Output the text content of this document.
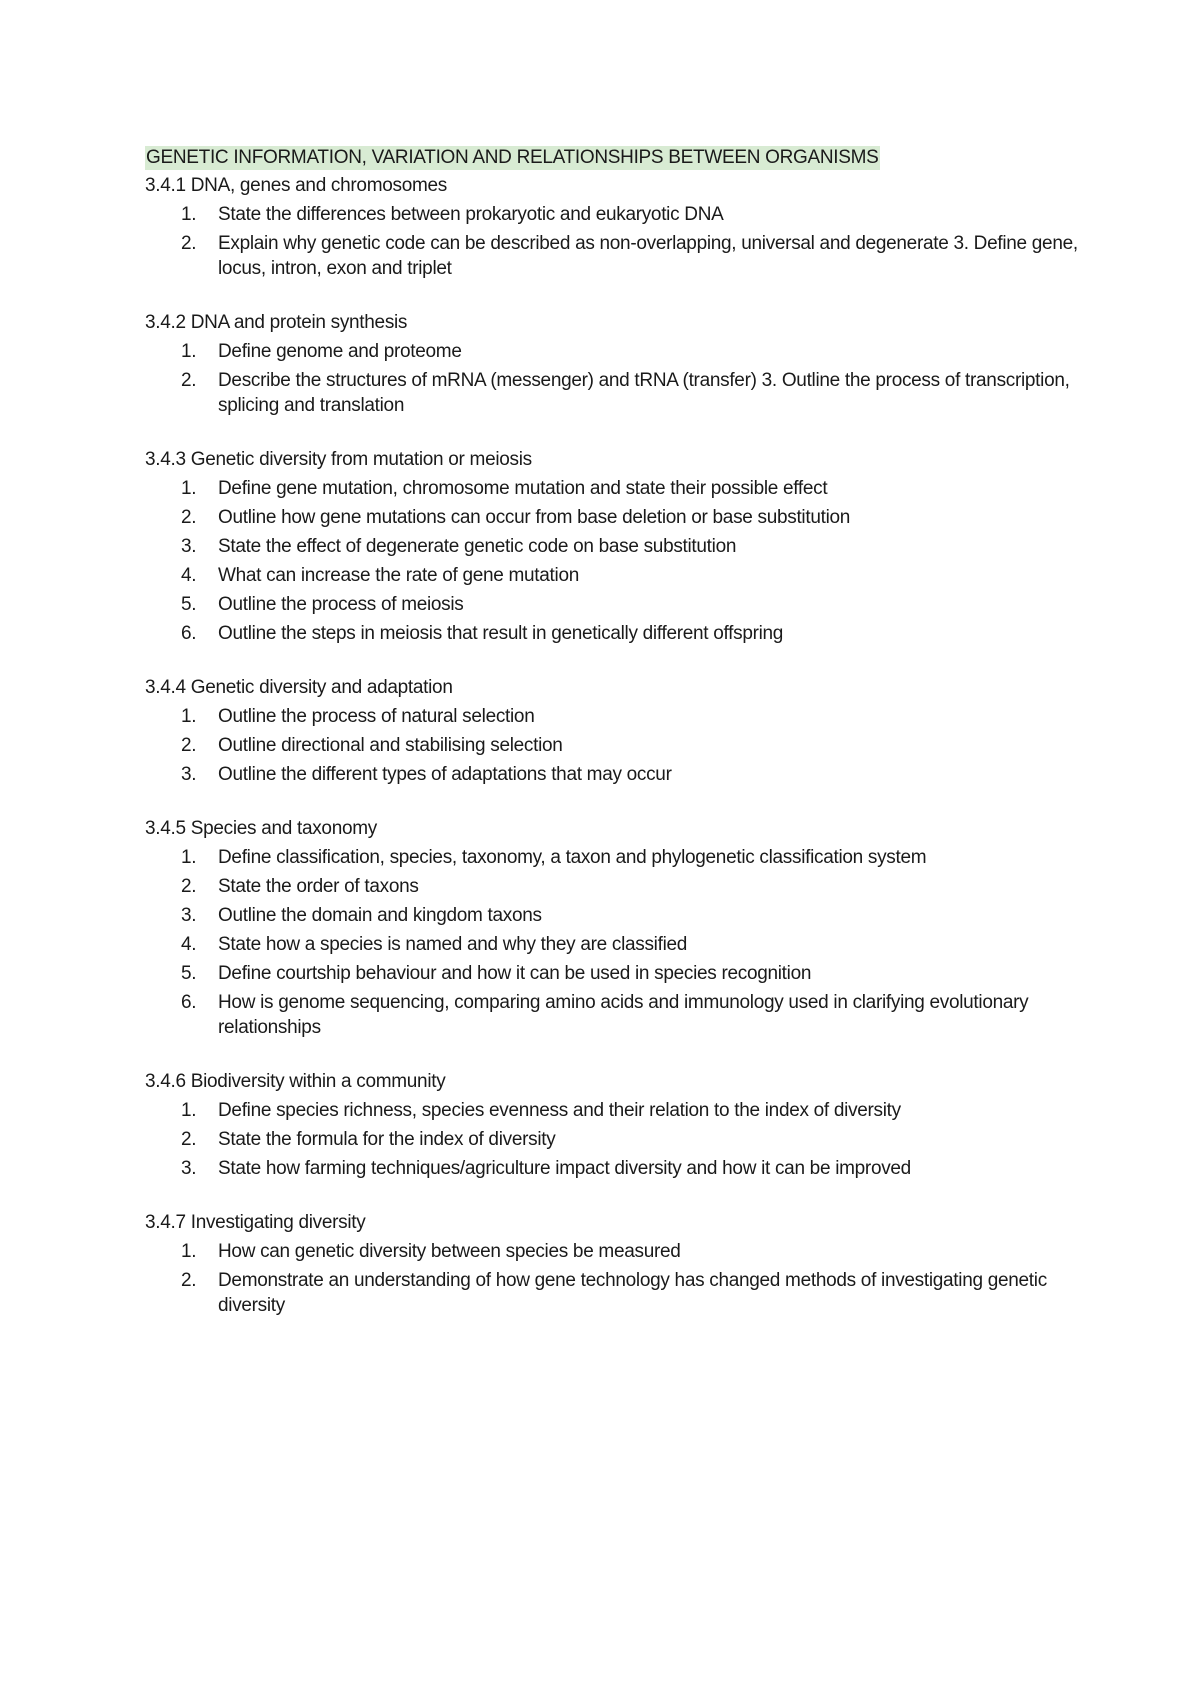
GENETIC INFORMATION, VARIATION AND RELATIONSHIPS BETWEEN ORGANISMS
3.4.1 DNA, genes and chromosomes
1.	State the differences between prokaryotic and eukaryotic DNA
2.	Explain why genetic code can be described as non-overlapping, universal and degenerate 3. Define gene, locus, intron, exon and triplet
3.4.2 DNA and protein synthesis
1.	Define genome and proteome
2.	Describe the structures of mRNA (messenger) and tRNA (transfer) 3. Outline the process of transcription, splicing and translation
3.4.3 Genetic diversity from mutation or meiosis
1.	Define gene mutation, chromosome mutation and state their possible effect
2.	Outline how gene mutations can occur from base deletion or base substitution
3.	State the effect of degenerate genetic code on base substitution
4.	What can increase the rate of gene mutation
5.	Outline the process of meiosis
6.	Outline the steps in meiosis that result in genetically different offspring
3.4.4 Genetic diversity and adaptation
1.	Outline the process of natural selection
2.	Outline directional and stabilising selection
3.	Outline the different types of adaptations that may occur
3.4.5 Species and taxonomy
1.	Define classification, species, taxonomy, a taxon and phylogenetic classification system
2.	State the order of taxons
3.	Outline the domain and kingdom taxons
4.	State how a species is named and why they are classified
5.	Define courtship behaviour and how it can be used in species recognition
6.	How is genome sequencing, comparing amino acids and immunology used in clarifying evolutionary relationships
3.4.6 Biodiversity within a community
1.	Define species richness, species evenness and their relation to the index of diversity
2.	State the formula for the index of diversity
3.	State how farming techniques/agriculture impact diversity and how it can be improved
3.4.7 Investigating diversity
1.	How can genetic diversity between species be measured
2.	Demonstrate an understanding of how gene technology has changed methods of investigating genetic diversity
